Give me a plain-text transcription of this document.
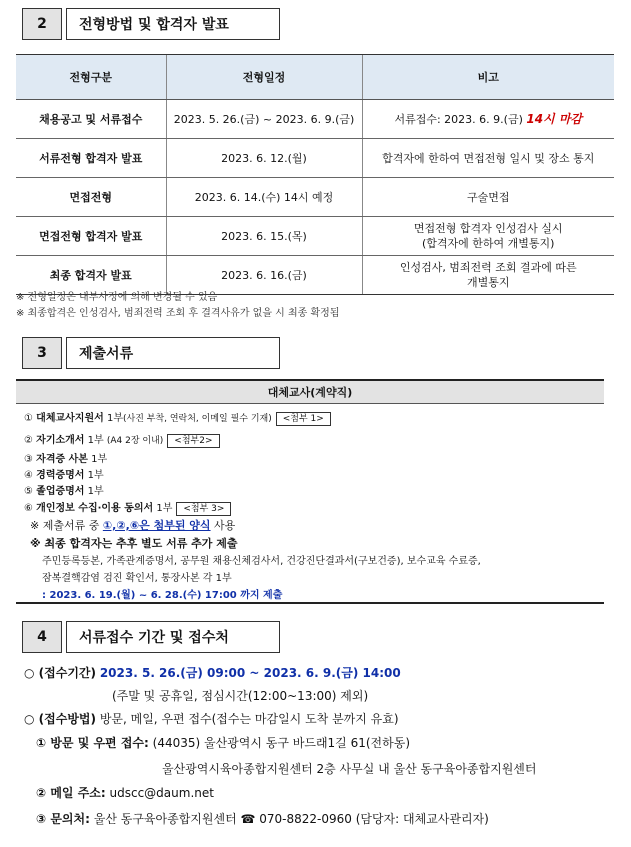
2	전형방법 및 합격자 발표
전형구분	전형일정	비고
채용공고 및 서류접수	2023. 5. 26.(금) ~ 2023. 6. 9.(금)	서류접수: 2023. 6. 9.(금) 14시 마감
서류전형 합격자 발표	2023. 6. 12.(월)	합격자에 한하여 면접전형 일시 및 장소 통지
면접전형	2023. 6. 14.(수) 14시 예정	구술면접
면접전형 합격자 발표	2023. 6. 15.(목)	면접전형 합격자 인성검사 실시
(합격자에 한하여 개별통지)
최종 합격자 발표	2023. 6. 16.(금)	인성검사, 범죄전력 조회 결과에 따른
개별통지
※ 전형일정은 내부사정에 의해 변경될 수 있음
※ 최종합격은 인성검사, 범죄전력 조회 후 결격사유가 없을 시 최종 확정됨
3	제출서류
대체교사(계약직)
① 대체교사지원서 1부(사진 부착, 연락처, 이메일 필수 기재) <첨부 1>
② 자기소개서 1부 (A4 2장 이내) <첨부2>
③ 자격증 사본 1부
④ 경력증명서 1부
⑤ 졸업증명서 1부
⑥ 개인정보 수집·이용 동의서 1부 <첨부 3>
※ 제출서류 중 ①,②,⑥은 첨부된 양식 사용
※ 최종 합격자는 추후 별도 서류 추가 제출
주민등록등본, 가족관계증명서, 공무원 채용신체검사서, 건강진단결과서(구보건증), 보수교육 수료증,
잠복결핵감염 검진 확인서, 통장사본 각 1부
: 2023. 6. 19.(월) ~ 6. 28.(수) 17:00 까지 제출
4	서류접수 기간 및 접수처
○ (접수기간) 2023. 5. 26.(금) 09:00 ~ 2023. 6. 9.(금) 14:00
(주말 및 공휴일, 점심시간(12:00~13:00) 제외)
○ (접수방법) 방문, 메일, 우편 접수(접수는 마감일시 도착 분까지 유효)
① 방문 및 우편 접수: (44035) 울산광역시 동구 바드래1길 61(전하동)
울산광역시육아종합지원센터 2층 사무실 내 울산 동구육아종합지원센터
② 메일 주소: udscc@daum.net
③ 문의처: 울산 동구육아종합지원센터 ☎ 070-8822-0960 (담당자: 대체교사관리자)
